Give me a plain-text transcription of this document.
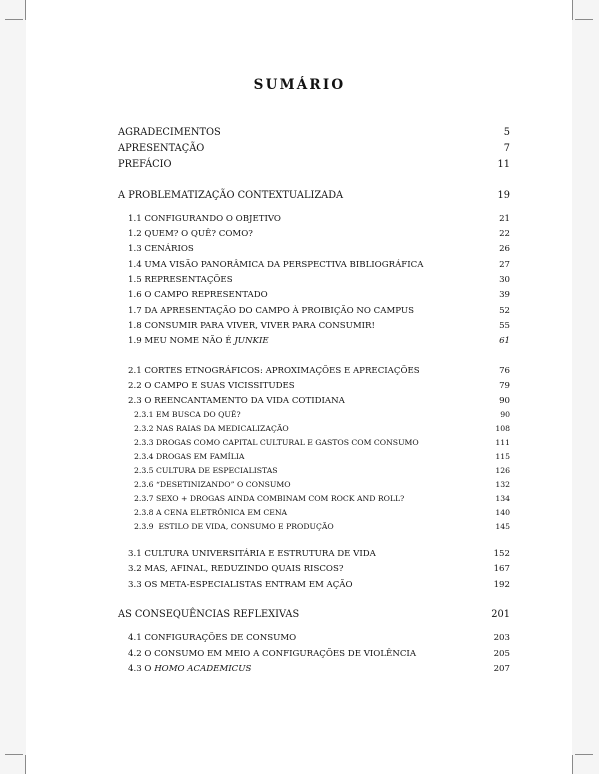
SUMÁRIO
AGRADECIMENTOS	5
APRESENTAÇÃO	7
PREFÁCIO	11
A PROBLEMATIZAÇÃO CONTEXTUALIZADA	19
1.1 CONFIGURANDO O OBJETIVO	21
1.2 QUEM? O QUÊ? COMO?	22
1.3 CENÁRIOS	26
1.4 UMA VISÃO PANORÂMICA DA PERSPECTIVA BIBLIOGRÁFICA	27
1.5 REPRESENTAÇÕES	30
1.6 O CAMPO REPRESENTADO	39
1.7 DA APRESENTAÇÃO DO CAMPO À PROIBIÇÃO NO CAMPUS	52
1.8 CONSUMIR PARA VIVER, VIVER PARA CONSUMIR!	55
1.9 MEU NOME NÃO É JUNKIE	61
2.1 CORTES ETNOGRÁFICOS: APROXIMAÇÕES E APRECIAÇÕES	76
2.2 O CAMPO E SUAS VICISSITUDES	79
2.3 O REENCANTAMENTO DA VIDA COTIDIANA	90
2.3.1 EM BUSCA DO QUÊ?	90
2.3.2 NAS RAIAS DA MEDICALIZAÇÃO	108
2.3.3 DROGAS COMO CAPITAL CULTURAL E GASTOS COM CONSUMO	111
2.3.4 DROGAS EM FAMÍLIA	115
2.3.5 CULTURA DE ESPECIALISTAS	126
2.3.6 “DESETINIZANDO” O CONSUMO	132
2.3.7 SEXO + DROGAS AINDA COMBINAM COM ROCK AND ROLL?	134
2.3.8 A CENA ELETRÔNICA EM CENA	140
2.3.9  ESTILO DE VIDA, CONSUMO E PRODUÇÃO	145
3.1 CULTURA UNIVERSITÁRIA E ESTRUTURA DE VIDA	152
3.2 MAS, AFINAL, REDUZINDO QUAIS RISCOS?	167
3.3 OS META-ESPECIALISTAS ENTRAM EM AÇÃO	192
AS CONSEQUÊNCIAS REFLEXIVAS	201
4.1 CONFIGURAÇÕES DE CONSUMO	203
4.2 O CONSUMO EM MEIO A CONFIGURAÇÕES DE VIOLÊNCIA	205
4.3 O HOMO ACADEMICUS	207
